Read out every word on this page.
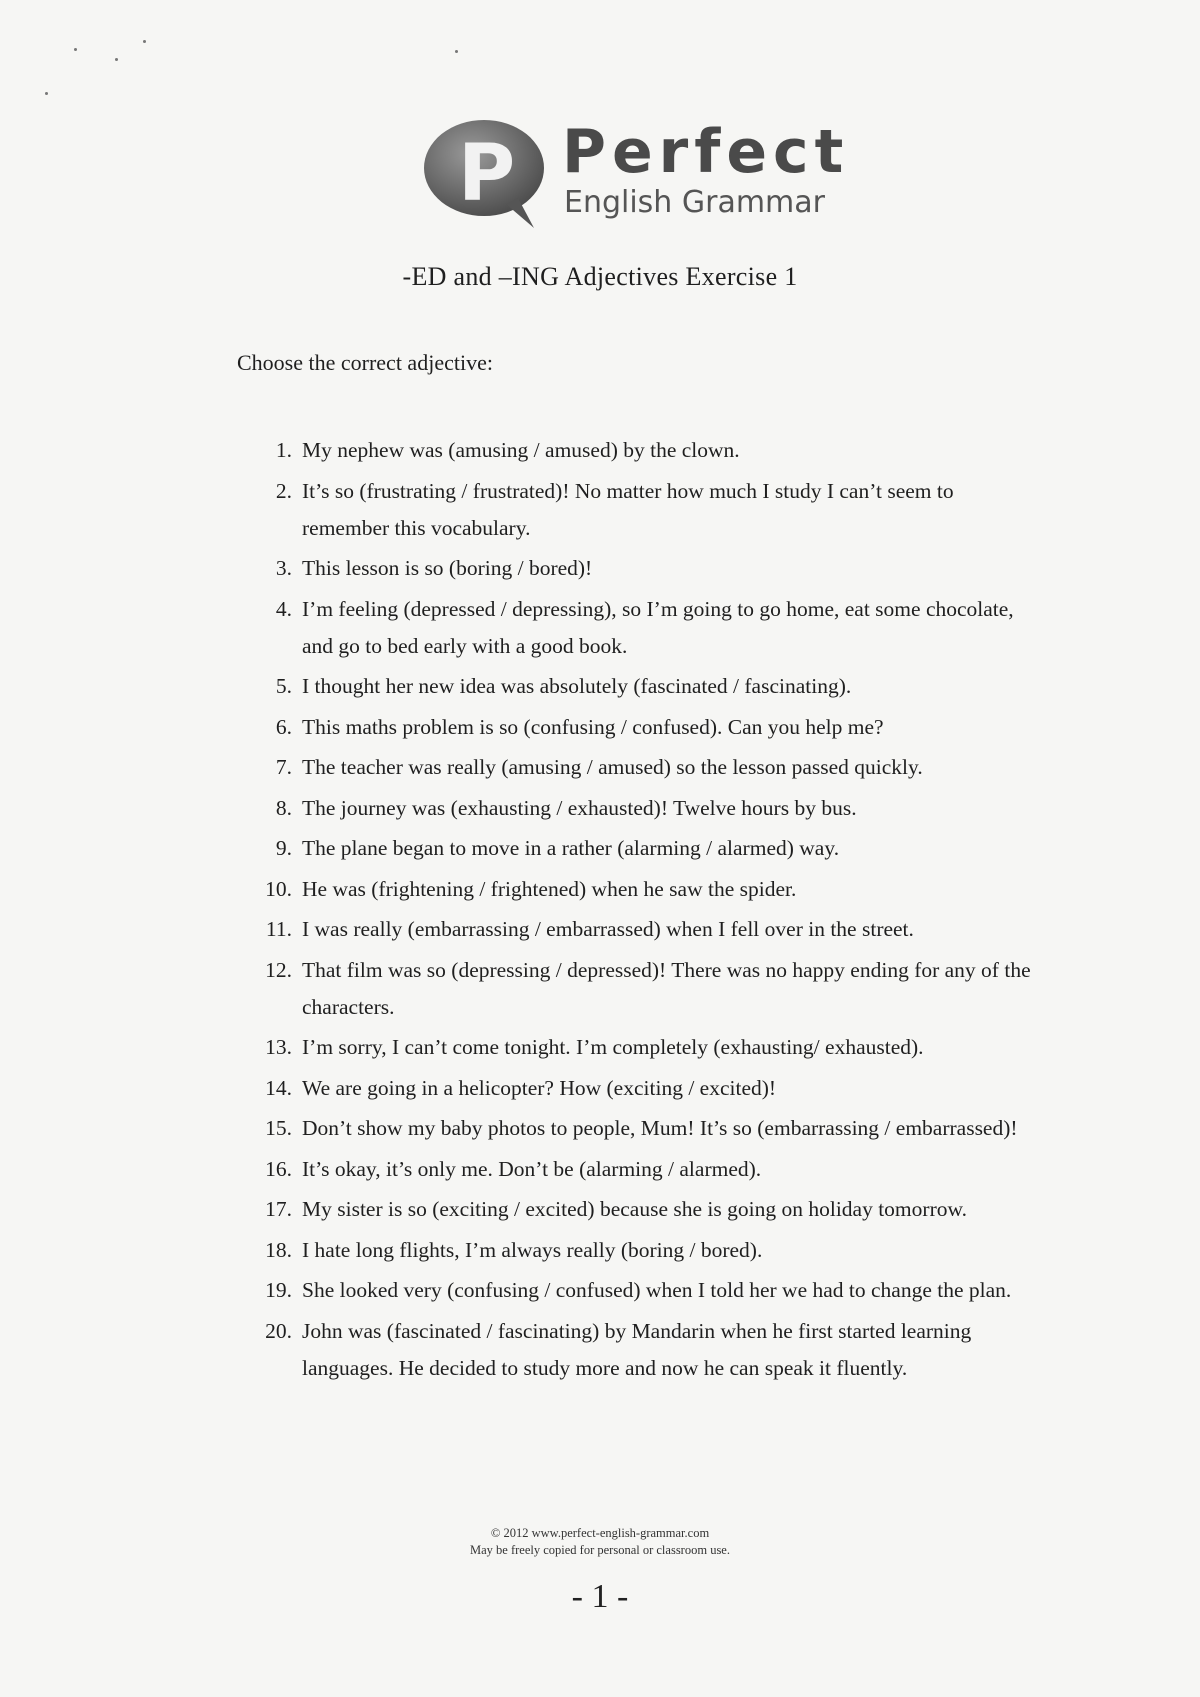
P Perfect
English Grammar
-ED and –ING Adjectives Exercise 1
Choose the correct adjective:
1. My nephew was (amusing / amused) by the clown.
2. It’s so (frustrating / frustrated)! No matter how much I study I can’t seem to remember this vocabulary.
3. This lesson is so (boring / bored)!
4. I’m feeling (depressed / depressing), so I’m going to go home, eat some chocolate, and go to bed early with a good book.
5. I thought her new idea was absolutely (fascinated / fascinating).
6. This maths problem is so (confusing / confused). Can you help me?
7. The teacher was really (amusing / amused) so the lesson passed quickly.
8. The journey was (exhausting / exhausted)! Twelve hours by bus.
9. The plane began to move in a rather (alarming / alarmed) way.
10. He was (frightening / frightened) when he saw the spider.
11. I was really (embarrassing / embarrassed) when I fell over in the street.
12. That film was so (depressing / depressed)! There was no happy ending for any of the characters.
13. I’m sorry, I can’t come tonight. I’m completely (exhausting/ exhausted).
14. We are going in a helicopter? How (exciting / excited)!
15. Don’t show my baby photos to people, Mum! It’s so (embarrassing / embarrassed)!
16. It’s okay, it’s only me. Don’t be (alarming / alarmed).
17. My sister is so (exciting / excited) because she is going on holiday tomorrow.
18. I hate long flights, I’m always really (boring / bored).
19. She looked very (confusing / confused) when I told her we had to change the plan.
20. John was (fascinated / fascinating) by Mandarin when he first started learning languages. He decided to study more and now he can speak it fluently.
© 2012 www.perfect-english-grammar.com
May be freely copied for personal or classroom use.
- 1 -
